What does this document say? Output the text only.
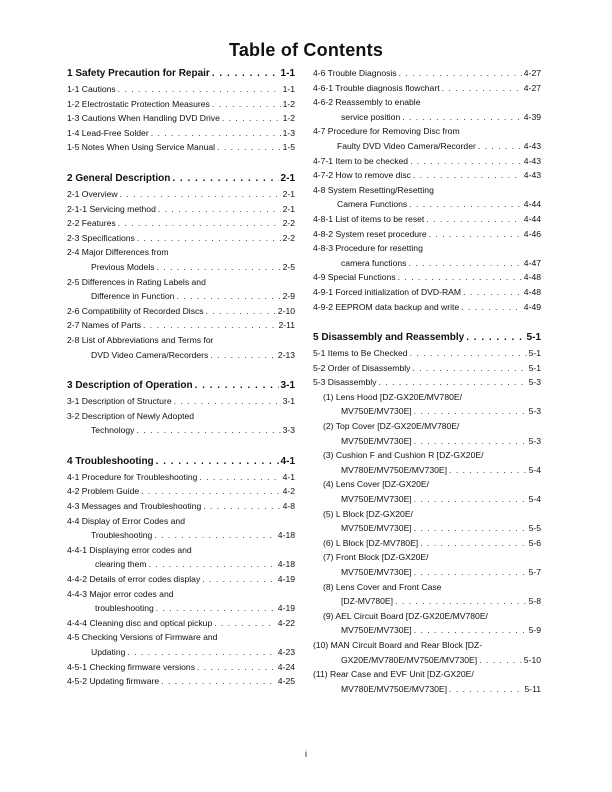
Table of Contents
1 Safety Precaution for Repair . . .	1-1
1-1 Cautions . . .	1-1
1-2 Electrostatic Protection Measures . . .	1-2
1-3 Cautions When Handling DVD Drive . . .	1-2
1-4 Lead-Free Solder . . .	1-3
1-5 Notes When Using Service Manual . . .	1-5
2 General Description . . .	2-1
2-1 Overview . . .	2-1
2-1-1 Servicing method . . .	2-1
2-2 Features . . .	2-2
2-3 Specifications . . .	2-2
2-4 Major Differences from
Previous Models . . .	2-5
2-5 Differences in Rating Labels and
Difference in Function . . .	2-9
2-6 Compatibility of Recorded Discs . . .	2-10
2-7 Names of Parts . . .	2-11
2-8 List of Abbreviations and Terms for
DVD Video Camera/Recorders . . .	2-13
3 Description of Operation . . .	3-1
3-1 Description of Structure . . .	3-1
3-2 Description of Newly Adopted
Technology . . .	3-3
4 Troubleshooting . . .	4-1
4-1 Procedure for Troubleshooting . . .	4-1
4-2 Problem Guide . . .	4-2
4-3 Messages and Troubleshooting . . .	4-8
4-4 Display of Error Codes and
Troubleshooting . . .	4-18
4-4-1 Displaying error codes and
clearing them . . .	4-18
4-4-2 Details of error codes display . . .	4-19
4-4-3 Major error codes and
troubleshooting . . .	4-19
4-4-4 Cleaning disc and optical pickup . . .	4-22
4-5 Checking Versions of Firmware and
Updating . . .	4-23
4-5-1 Checking firmware versions . . .	4-24
4-5-2 Updating firmware . . .	4-25
4-6 Trouble Diagnosis . . .	4-27
4-6-1 Trouble diagnosis flowchart . . .	4-27
4-6-2 Reassembly to enable
service position . . .	4-39
4-7 Procedure for Removing Disc from
Faulty DVD Video Camera/Recorder . . .	4-43
4-7-1 Item to be checked . . .	4-43
4-7-2 How to remove disc . . .	4-43
4-8 System Resetting/Resetting
Camera Functions . . .	4-44
4-8-1 List of items to be reset . . .	4-44
4-8-2 System reset procedure . . .	4-46
4-8-3 Procedure for resetting
camera functions . . .	4-47
4-9 Special Functions . . .	4-48
4-9-1 Forced initialization of DVD-RAM . . .	4-48
4-9-2 EEPROM data backup and write . . .	4-49
5 Disassembly and Reassembly . . .	5-1
5-1 Items to Be Checked . . .	5-1
5-2 Order of Disassembly . . .	5-1
5-3 Disassembly . . .	5-3
(1) Lens Hood [DZ-GX20E/MV780E/
MV750E/MV730E] . . .	5-3
(2) Top Cover [DZ-GX20E/MV780E/
MV750E/MV730E] . . .	5-3
(3) Cushion F and Cushion R [DZ-GX20E/
MV780E/MV750E/MV730E] . . .	5-4
(4) Lens Cover [DZ-GX20E/
MV750E/MV730E] . . .	5-4
(5) L Block [DZ-GX20E/
MV750E/MV730E] . . .	5-5
(6) L Block [DZ-MV780E] . . .	5-6
(7) Front Block [DZ-GX20E/
MV750E/MV730E] . . .	5-7
(8) Lens Cover and Front Case
[DZ-MV780E] . . .	5-8
(9) AEL Circuit Board [DZ-GX20E/MV780E/
MV750E/MV730E] . . .	5-9
(10) MAN Circuit Board and Rear Block [DZ-
GX20E/MV780E/MV750E/MV730E] . . .	5-10
(11) Rear Case and EVF Unit [DZ-GX20E/
MV780E/MV750E/MV730E] . . .	5-11
i
